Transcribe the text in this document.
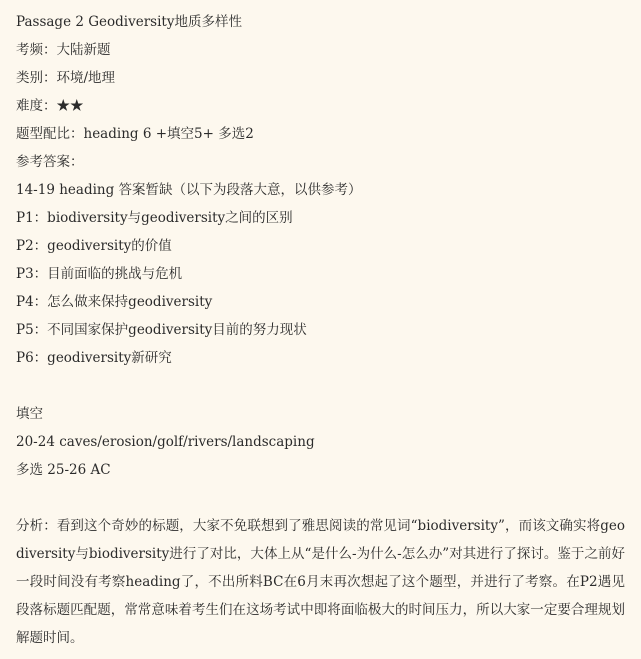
Passage 2 Geodiversity地质多样性
考频：大陆新题
类别：环境/地理
难度：★★
题型配比：heading 6 +填空5+ 多选2
参考答案：
14-19 heading 答案暂缺（以下为段落大意，以供参考）
P1：biodiversity与geodiversity之间的区别
P2：geodiversity的价值
P3：目前面临的挑战与危机
P4：怎么做来保持geodiversity
P5：不同国家保护geodiversity目前的努力现状
P6：geodiversity新研究
填空
20-24 caves/erosion/golf/rivers/landscaping
多选 25-26 AC
分析：看到这个奇妙的标题，大家不免联想到了雅思阅读的常见词“biodiversity”，而该文确实将geodiversity与biodiversity进行了对比，大体上从“是什么-为什么-怎么办”对其进行了探讨。鉴于之前好一段时间没有考察heading了，不出所料BC在6月末再次想起了这个题型，并进行了考察。在P2遇见段落标题匹配题，常常意味着考生们在这场考试中即将面临极大的时间压力，所以大家一定要合理规划解题时间。
